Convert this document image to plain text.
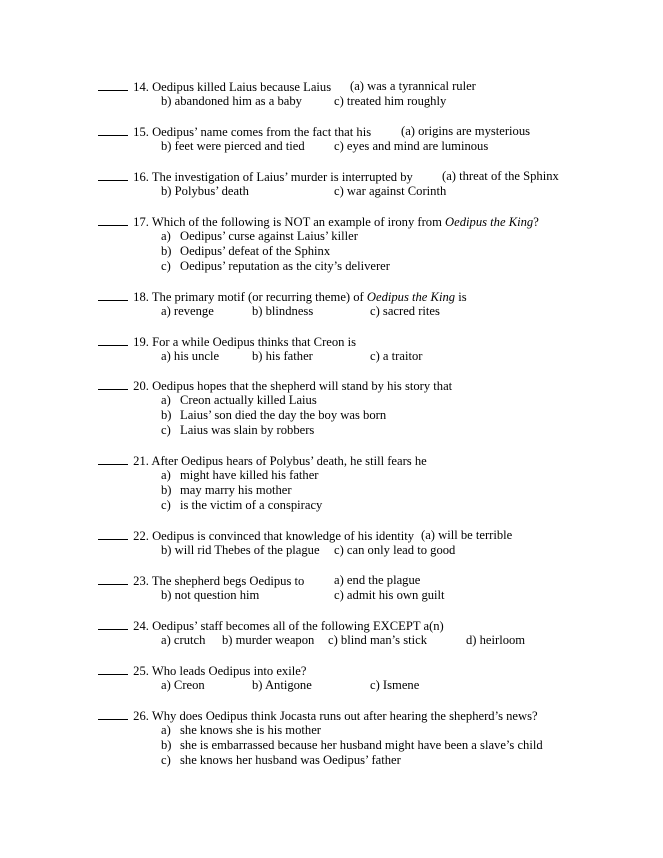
14. Oedipus killed Laius because Laius (a) was a tyrannical ruler
b) abandoned him as a baby	c) treated him roughly
15. Oedipus’ name comes from the fact that his (a) origins are mysterious
b) feet were pierced and tied c) eyes and mind are luminous
16. The investigation of Laius’ murder is interrupted by (a) threat of the Sphinx
b) Polybus’ death	c) war against Corinth
17. Which of the following is NOT an example of irony from Oedipus the King?
a) Oedipus’ curse against Laius’ killer
b) Oedipus’ defeat of the Sphinx
c) Oedipus’ reputation as the city’s deliverer
18. The primary motif (or recurring theme) of Oedipus the King is
a) revenge	b) blindness	c) sacred rites
19. For a while Oedipus thinks that Creon is
a) his uncle	b) his father	c) a traitor
20. Oedipus hopes that the shepherd will stand by his story that
a) Creon actually killed Laius
b) Laius’ son died the day the boy was born
c) Laius was slain by robbers
21. After Oedipus hears of Polybus’ death, he still fears he
a) might have killed his father
b) may marry his mother
c) is the victim of a conspiracy
22. Oedipus is convinced that knowledge of his identity (a) will be terrible
b) will rid Thebes of the plague c) can only lead to good
23. The shepherd begs Oedipus to a) end the plague
b) not question him	c) admit his own guilt
24. Oedipus’ staff becomes all of the following EXCEPT a(n)
a) crutch b) murder weapon c) blind man’s stick	d) heirloom
25. Who leads Oedipus into exile?
a) Creon	b) Antigone	c) Ismene
26. Why does Oedipus think Jocasta runs out after hearing the shepherd’s news?
a) she knows she is his mother
b) she is embarrassed because her husband might have been a slave’s child
c) she knows her husband was Oedipus’ father
